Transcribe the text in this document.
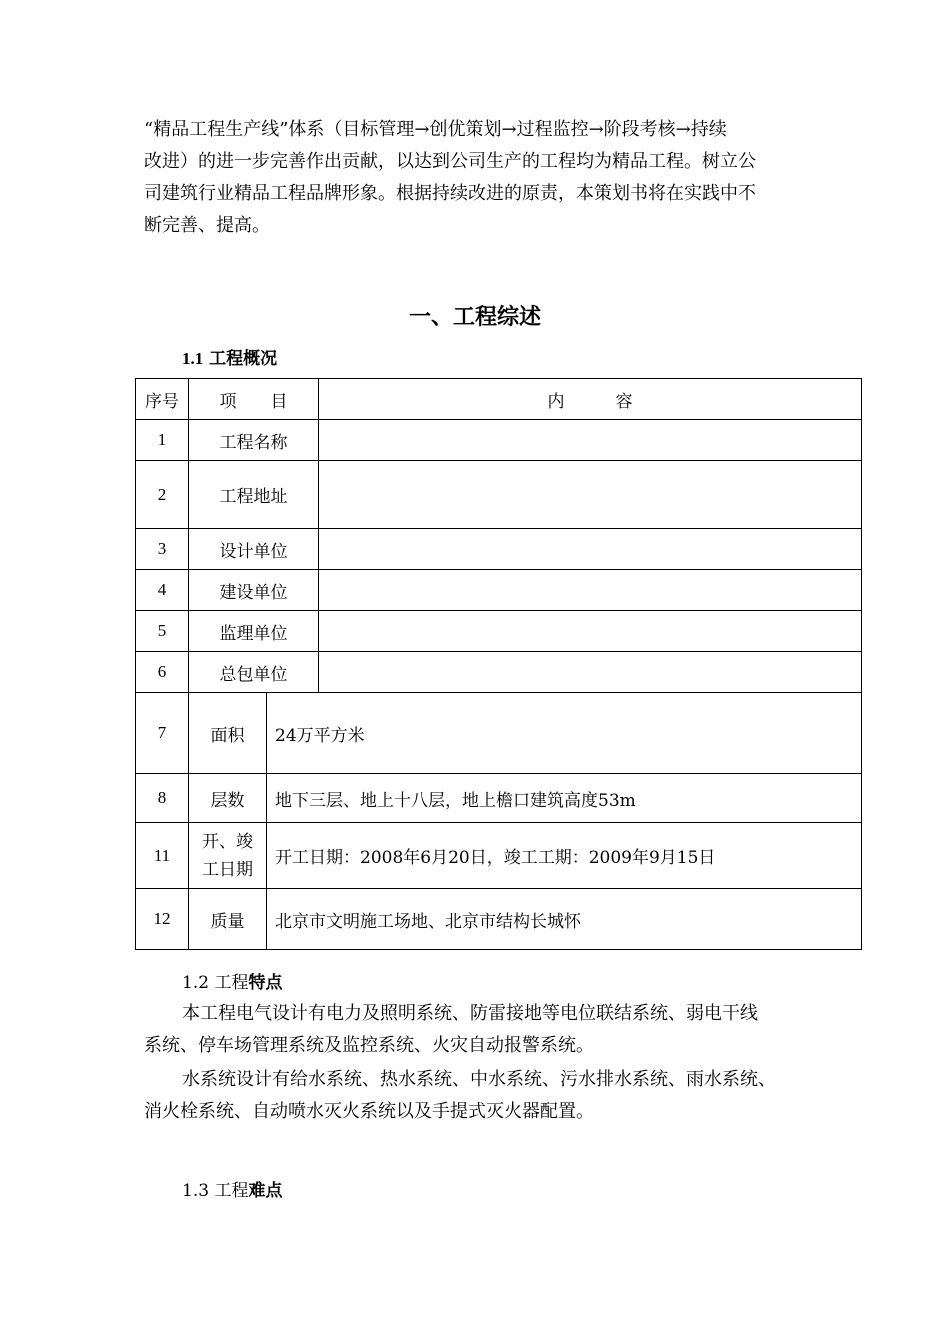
“精品工程生产线”体系（目标管理→创优策划→过程监控→阶段考核→持续
改进）的进一步完善作出贡献，以达到公司生产的工程均为精品工程。树立公
司建筑行业精品工程品牌形象。根据持续改进的原责，本策划书将在实践中不
断完善、提高。

一、工程综述
1.1 工程概况
序号	项　　目		内　　　容
1	工程名称		
2	工程地址		
3	设计单位		
4	建设单位		
5	监理单位		
6	总包单位		
7	面积	24万平方米	
8	层数	地下三层、地上十八层，地上檐口建筑高度53m	
11	开、竣
工日期	开工日期：2008年6月20日，竣工工期：2009年9月15日	
12	质量	北京市文明施工场地、北京市结构长城怀	

1.2 工程特点

本工程电气设计有电力及照明系统、防雷接地等电位联结系统、弱电干线
系统、停车场管理系统及监控系统、火灾自动报警系统。

水系统设计有给水系统、热水系统、中水系统、污水排水系统、雨水系统、
消火栓系统、自动喷水灭火系统以及手提式灭火器配置。

1.3 工程难点
